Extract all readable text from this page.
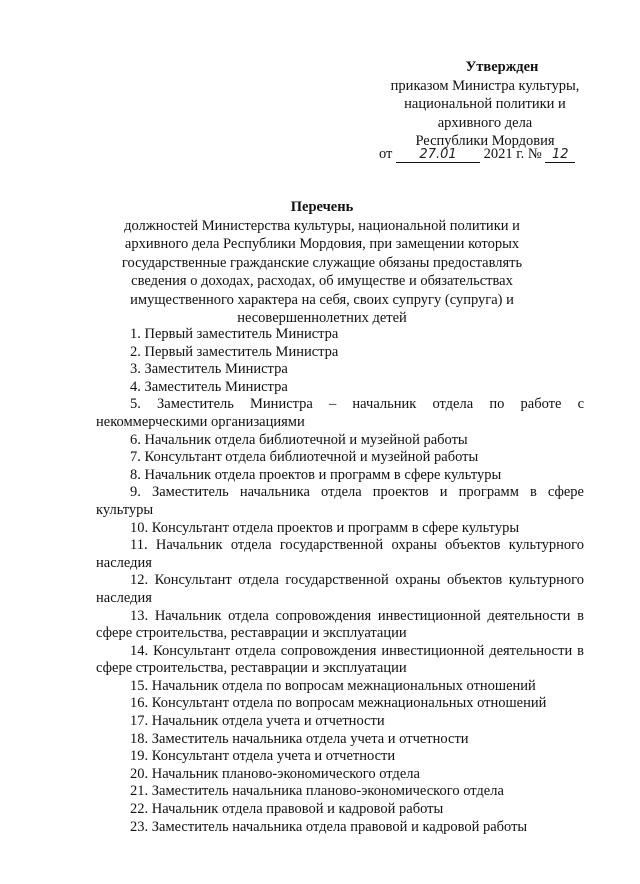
Утвержден
приказом Министра культуры,
национальной политики и
архивного дела
Республики Мордовия
от 27.01 2021 г. № 12
Перечень
должностей Министерства культуры, национальной политики и архивного дела Республики Мордовия, при замещении которых государственные гражданские служащие обязаны предоставлять сведения о доходах, расходах, об имуществе и обязательствах имущественного характера на себя, своих супругу (супруга) и несовершеннолетних детей
1. Первый заместитель Министра
2. Первый заместитель Министра
3. Заместитель Министра
4. Заместитель Министра
5. Заместитель Министра – начальник отдела по работе с некоммерческими организациями
6. Начальник отдела библиотечной и музейной работы
7. Консультант отдела библиотечной и музейной работы
8. Начальник отдела проектов и программ в сфере культуры
9. Заместитель начальника отдела проектов и программ в сфере культуры
10. Консультант отдела проектов и программ в сфере культуры
11. Начальник отдела государственной охраны объектов культурного наследия
12. Консультант отдела государственной охраны объектов культурного наследия
13. Начальник отдела сопровождения инвестиционной деятельности в сфере строительства, реставрации и эксплуатации
14. Консультант отдела сопровождения инвестиционной деятельности в сфере строительства, реставрации и эксплуатации
15. Начальник отдела по вопросам межнациональных отношений
16. Консультант отдела по вопросам межнациональных отношений
17. Начальник отдела учета и отчетности
18. Заместитель начальника отдела учета и отчетности
19. Консультант отдела учета и отчетности
20. Начальник планово-экономического отдела
21. Заместитель начальника планово-экономического отдела
22. Начальник отдела правовой и кадровой работы
23. Заместитель начальника отдела правовой и кадровой работы
